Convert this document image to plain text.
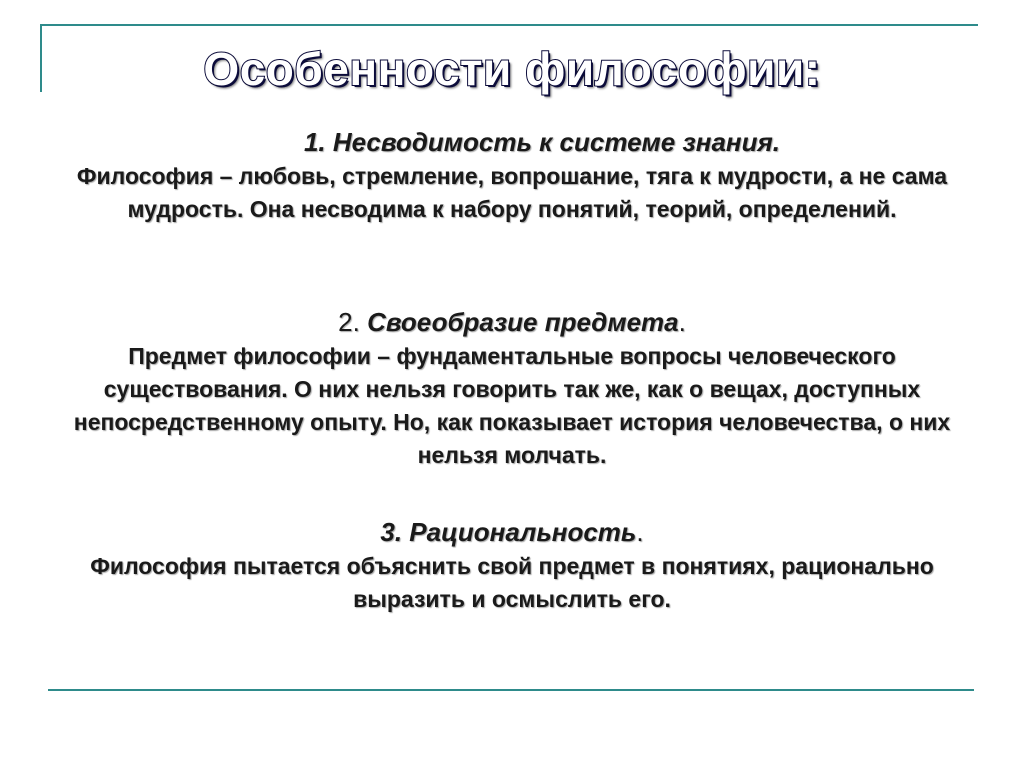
Особенности философии:
1. Несводимость к системе знания.
Философия – любовь, стремление, вопрошание, тяга к мудрости, а не сама мудрость. Она несводима к набору понятий, теорий, определений.
2. Своеобразие предмета.
Предмет философии – фундаментальные вопросы человеческого существования. О них нельзя говорить так же, как о вещах, доступных непосредственному опыту. Но, как показывает история человечества, о них нельзя молчать.
3. Рациональность.
Философия пытается объяснить свой предмет в понятиях, рационально выразить и осмыслить его.
